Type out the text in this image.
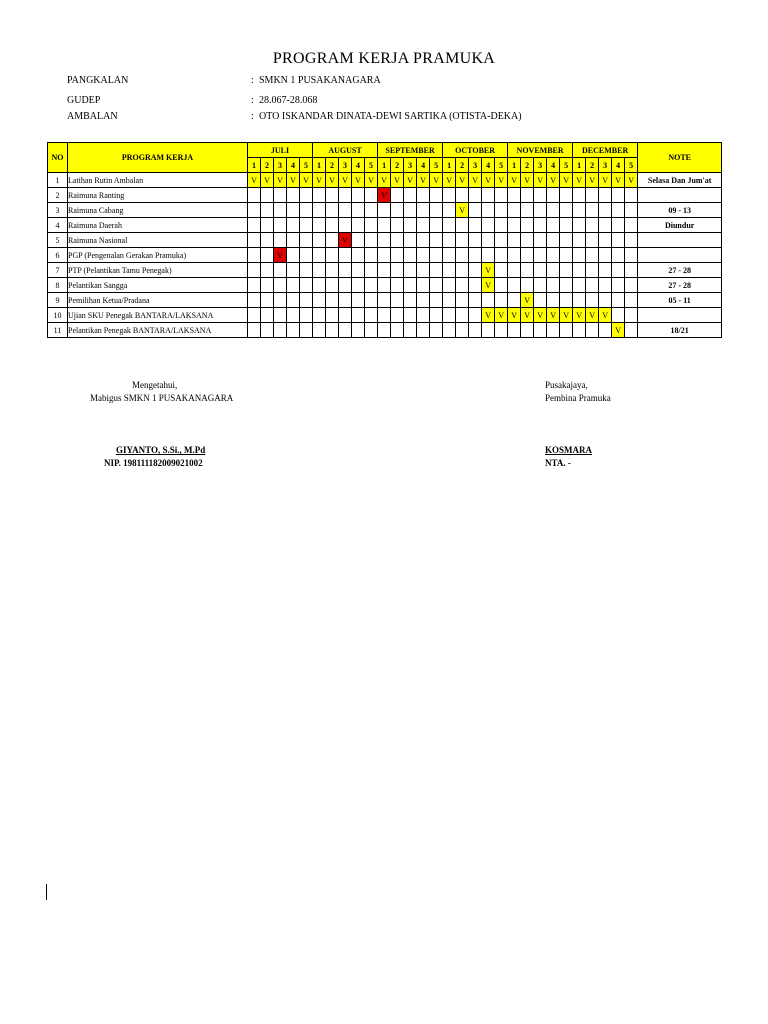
PROGRAM KERJA PRAMUKA
PANGKALAN	: SMKN 1 PUSAKANAGARA
GUDEP	: 28.067-28.068
AMBALAN	: OTO ISKANDAR DINATA-DEWI SARTIKA (OTISTA-DEKA)
NO	PROGRAM KERJA	JULI					AUGUST					SEPTEMBER					OCTOBER					NOVEMBER					DECEMBER					NOTE
		1	2	3	4	5	1	2	3	4	5	1	2	3	4	5	1	2	3	4	5	1	2	3	4	5	1	2	3	4	5	
1	Latihan Rutin Ambalan	V	V	V	V	V	V	V	V	V	V	V	V	V	V	V	V	V	V	V	V	V	V	V	V	V	V	V	V	V	V	Selasa Dan Jum'at
2	Raimuna Ranting											V																				
3	Raimuna Cabang																	V														09 - 13
4	Raimuna Daerah																															Diundur
5	Raimuna Nasional								V																							
6	PGP (Pengenalan Gerakan Pramuka)			V																												
7	PTP (Pelantikan Tamu Penegak)																			V												27 - 28
8	Pelantikan Sangga																			V												27 - 28
9	Pemilihan Ketua/Pradana																						V									05 - 11
10	Ujian SKU Penegak BANTARA/LAKSANA																			V	V	V	V	V	V	V	V	V	V			
11	Pelantikan Penegak BANTARA/LAKSANA																													V		18/21
Mengetahui,
Mabigus SMKN 1 PUSAKANAGARA
GIYANTO, S.Si., M.Pd
NIP. 198111182009021002
Pusakajaya,
Pembina Pramuka
KOSMARA
NTA. -
